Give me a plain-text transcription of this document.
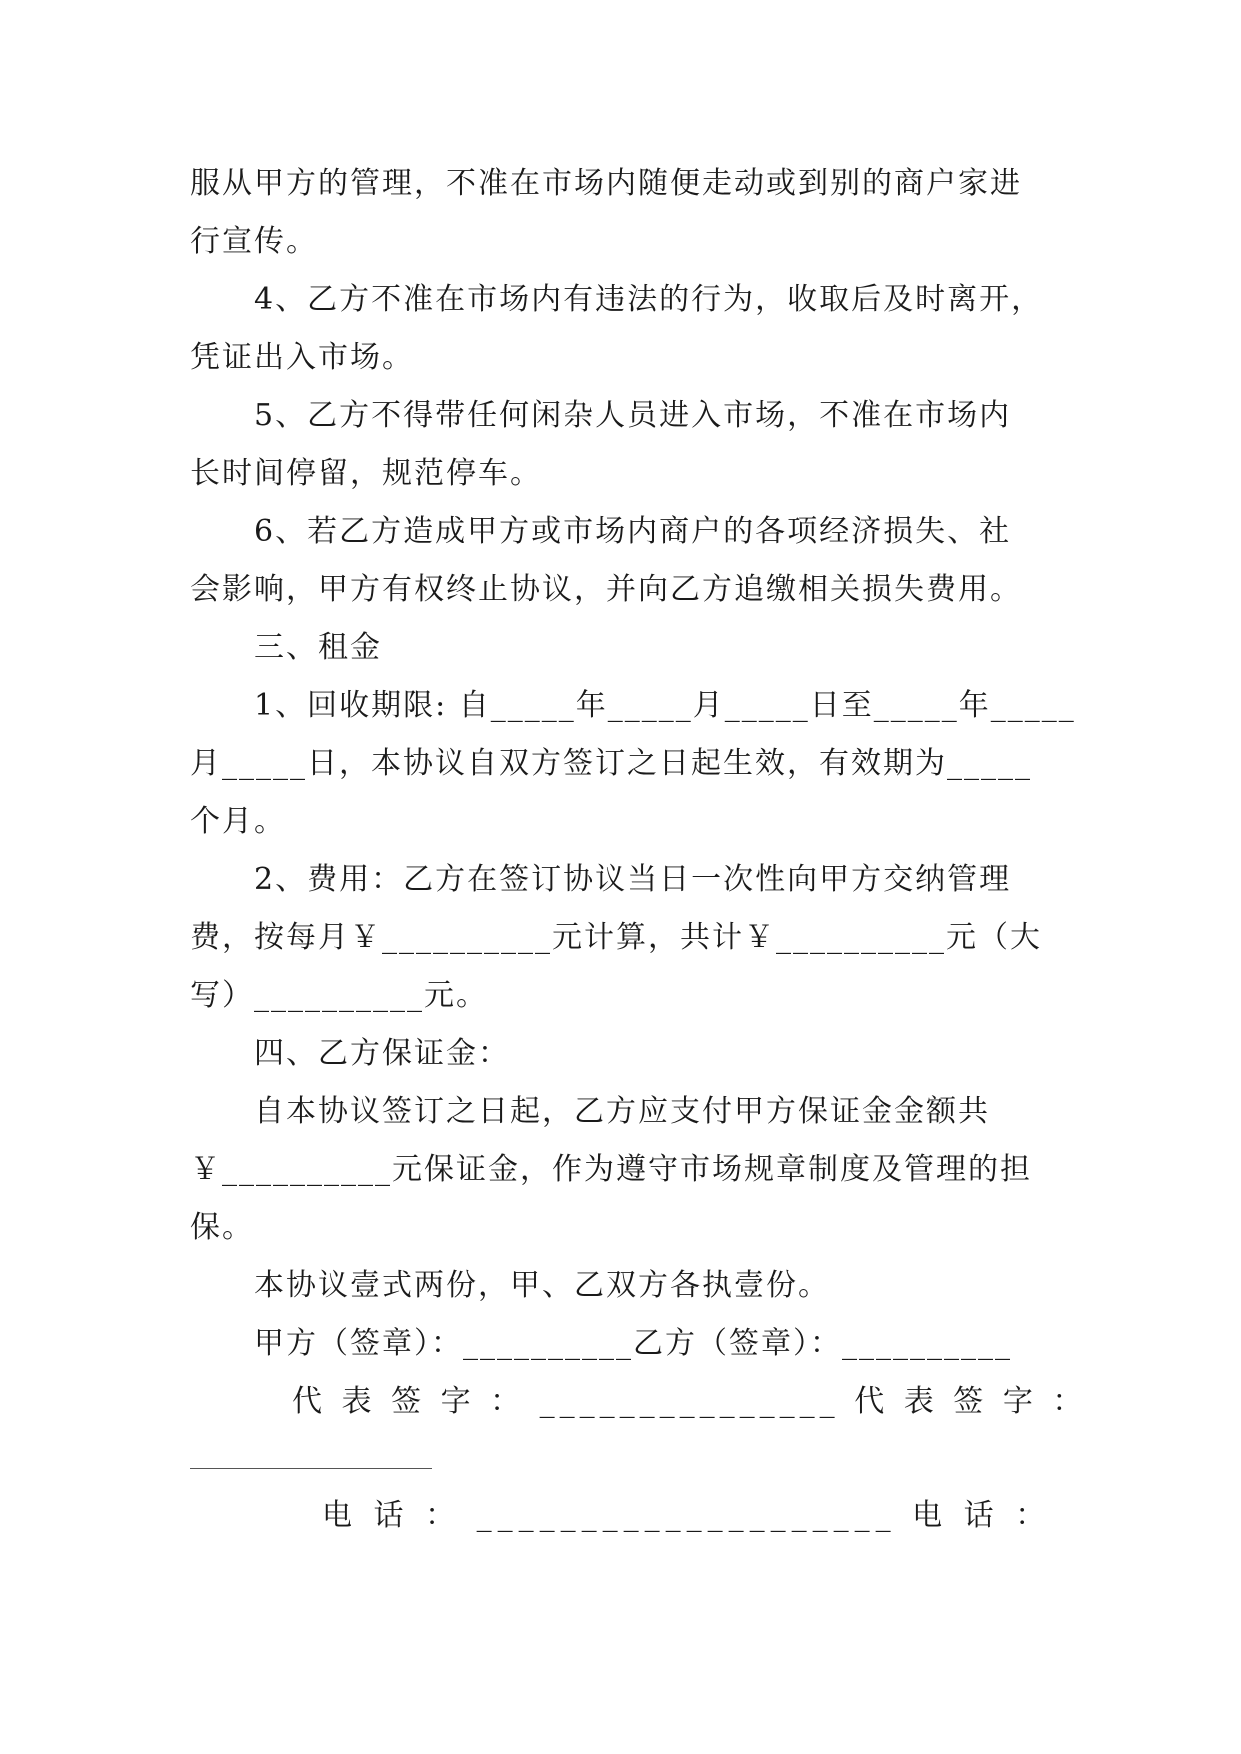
服从甲方的管理，不准在市场内随便走动或到别的商户家进
行宣传。
4、乙方不准在市场内有违法的行为，收取后及时离开，
凭证出入市场。
5、乙方不得带任何闲杂人员进入市场，不准在市场内
长时间停留，规范停车。
6、若乙方造成甲方或市场内商户的各项经济损失、社
会影响，甲方有权终止协议，并向乙方追缴相关损失费用。
三、租金
1、回收期限: 自_____年_____月_____日至_____年_____
月_____日，本协议自双方签订之日起生效，有效期为_____
个月。
2、费用：乙方在签订协议当日一次性向甲方交纳管理
费，按每月￥__________元计算，共计￥__________元（大
写）__________元。
四、乙方保证金：
自本协议签订之日起，乙方应支付甲方保证金金额共
￥__________元保证金，作为遵守市场规章制度及管理的担
保。
本协议壹式两份，甲、乙双方各执壹份。
甲方（签章）：__________乙方（签章）：__________
代 表 签 字 ： _______________ 代 表 签 字 ：
电 话 ： ____________________ 电 话 ：
